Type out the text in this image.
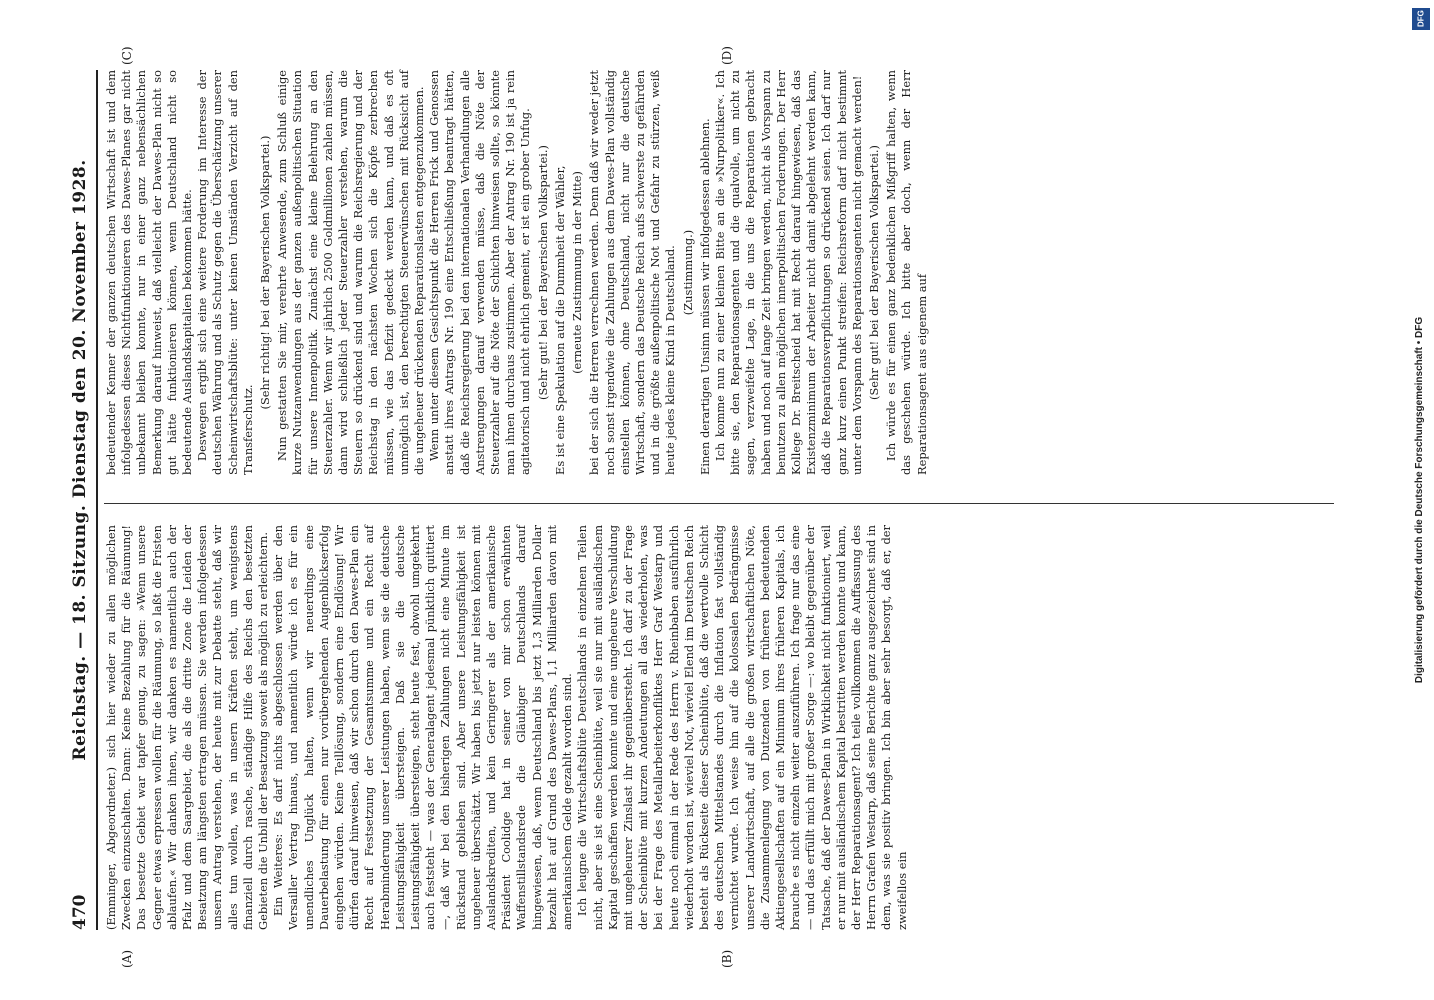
470
Reichstag. — 18. Sitzung. Dienstag den 20. November 1928.
(A)	(B)
(C)	(D)

(Emminger, Abgeordneter.) sich hier wieder zu allen möglichen Zwecken einzuschalten. Dann: Keine Bezahlung für die Räumung! Das besetzte Gebiet war tapfer genug, zu sagen: »Wenn unsere Gegner etwas erpressen wollen für die Räumung, so laßt die Fristen ablaufen.« Wir danken ihnen, wir danken es namentlich auch der Pfalz und dem Saargebiet, die als die dritte Zone die Leiden der Besatzung am längsten ertragen müssen. Sie werden infolgedessen unsern Antrag verstehen, der heute mit zur Debatte steht, daß wir alles tun wollen, was in unsern Kräften steht, um wenigstens finanziell durch rasche, ständige Hilfe des Reichs den besetzten Gebieten die Unbill der Besatzung soweit als möglich zu erleichtern. Ein Weiteres: Es darf nichts abgeschlossen werden über den Versailler Vertrag hinaus, und namentlich würde ich es für ein unendliches Unglück halten, wenn wir neuerdings eine Dauerbelastung für einen nur vorübergehenden Augenblickserfolg eingehen würden. Keine Teillösung, sondern eine Endlösung! Wir dürfen darauf hinweisen, daß wir schon durch den Dawes-Plan ein Recht auf Festsetzung der Gesamtsumme und ein Recht auf Herabminderung unserer Leistungen haben, wenn sie die deutsche Leistungsfähigkeit übersteigen. Daß sie die deutsche Leistungsfähigkeit übersteigen, steht heute fest, obwohl umgekehrt auch feststeht — was der Generalagent jedesmal pünktlich quittiert —, daß wir bei den bisherigen Zahlungen nicht eine Minute im Rückstand geblieben sind. Aber unsere Leistungsfähigkeit ist ungeheuer überschätzt. Wir haben bis jetzt nur leisten können mit Auslandskrediten, und kein Geringerer als der amerikanische Präsident Coolidge hat in seiner von mir schon erwähnten Waffenstillstandsrede die Gläubiger Deutschlands darauf hingewiesen, daß, wenn Deutschland bis jetzt 1,3 Milliarden Dollar bezahlt hat auf Grund des Dawes-Plans, 1,1 Milliarden davon mit amerikanischem Gelde gezahlt worden sind. Ich leugne die Wirtschaftsblüte Deutschlands in einzelnen Teilen nicht, aber sie ist eine Scheinblüte, weil sie nur mit ausländischem Kapital geschaffen werden konnte und eine ungeheure Verschuldung mit ungeheurer Zinslast ihr gegenübersteht. Ich darf zu der Frage der Scheinblüte mit kurzen Andeutungen all das wiederholen, was bei der Frage des Metallarbeiterkonfliktes Herr Graf Westarp und heute noch einmal in der Rede des Herrn v. Rheinbaben ausführlich wiederholt worden ist, wieviel Not, wieviel Elend im Deutschen Reich besteht als Rückseite dieser Scheinblüte, daß die wertvolle Schicht des deutschen Mittelstandes durch die Inflation fast vollständig vernichtet wurde. Ich weise hin auf die kolossalen Bedrängnisse unserer Landwirtschaft, auf alle die großen wirtschaftlichen Nöte, die Zusammenlegung von Dutzenden von früheren bedeutenden Aktiengesellschaften auf ein Minimum ihres früheren Kapitals, ich brauche es nicht einzeln weiter auszuführen. Ich frage nur das eine — und das erfüllt mich mit großer Sorge —: wo bleibt gegenüber der Tatsache, daß der Dawes-Plan in Wirklichkeit nicht funktioniert, weil er nur mit ausländischem Kapital bestritten werden konnte und kann, der Herr Reparationsagent? Ich teile vollkommen die Auffassung des Herrn Grafen Westarp, daß seine Berichte ganz ausgezeichnet sind in dem, was sie positiv bringen. Ich bin aber sehr besorgt, daß er, der zweifellos ein

bedeutender Kenner der ganzen deutschen Wirtschaft ist und dem infolgedessen dieses Nichtfunktionieren des Dawes-Planes gar nicht unbekannt bleiben konnte, nur in einer ganz nebensächlichen Bemerkung darauf hinweist, daß vielleicht der Dawes-Plan nicht so gut hätte funktionieren können, wenn Deutschland nicht so bedeutende Auslandskapitalien bekommen hätte. Deswegen ergibt sich eine weitere Forderung im Interesse der deutschen Währung und als Schutz gegen die Überschätzung unserer Scheinwirtschaftsblüte: unter keinen Umständen Verzicht auf den Transferschutz.

(Sehr richtig! bei der Bayerischen Volkspartei.) Nun gestatten Sie mir, verehrte Anwesende, zum Schluß einige kurze Nutzanwendungen aus der ganzen außenpolitischen Situation für unsere Innenpolitik. Zunächst eine kleine Belehrung an den Steuerzahler. Wenn wir jährlich 2500 Goldmillionen zahlen müssen, dann wird schließlich jeder Steuerzahler verstehen, warum die Steuern so drückend sind und warum die Reichsregierung und der Reichstag in den nächsten Wochen sich die Köpfe zerbrechen müssen, wie das Defizit gedeckt werden kann, und daß es oft unmöglich ist, den berechtigten Steuerwünschen mit Rücksicht auf die ungeheuer drückenden Reparationslasten entgegenzukommen. Wenn unter diesem Gesichtspunkt die Herren Frick und Genossen anstatt ihres Antrags Nr. 190 eine Entschließung beantragt hätten, daß die Reichsregierung bei den internationalen Verhandlungen alle Anstrengungen darauf verwenden müsse, daß die Nöte der Steuerzahler auf die Nöte der Schichten hinweisen sollte, so könnte man ihnen durchaus zustimmen. Aber der Antrag Nr. 190 ist ja rein agitatorisch und nicht ehrlich gemeint, er ist ein grober Unfug. (Sehr gut! bei der Bayerischen Volkspartei.) Es ist eine Spekulation auf die Dummheit der Wähler, (erneute Zustimmung in der Mitte) bei der sich die Herren verrechnen werden. Denn daß wir weder jetzt noch sonst irgendwie die Zahlungen aus dem Dawes-Plan vollständig einstellen können, ohne Deutschland, nicht nur die deutsche Wirtschaft, sondern das Deutsche Reich aufs schwerste zu gefährden und in die größte außenpolitische Not und Gefahr zu stürzen, weiß heute jedes kleine Kind in Deutschland. (Zustimmung.) Einen derartigen Unsinn müssen wir infolgedessen ablehnen. Ich komme nun zu einer kleinen Bitte an die »Nurpolitiker«. Ich bitte sie, den Reparationsagenten und die qualvolle, um nicht zu sagen, verzweifelte Lage, in die uns die Reparationen gebracht haben und noch auf lange Zeit bringen werden, nicht als Vorspann zu benutzen zu allen möglichen innerpolitischen Forderungen. Der Herr Kollege Dr. Breitscheid hat mit Recht darauf hingewiesen, daß das Existenzminimum der Arbeiter nicht damit abgelehnt werden kann, daß die Reparationsverpflichtungen so drückend seien. Ich darf nur ganz kurz einen Punkt streifen: Reichsreform darf nicht bestimmt unter dem Vorspann des Reparationsagenten nicht gemacht werden! (Sehr gut! bei der Bayerischen Volkspartei.) Ich würde es für einen ganz bedenklichen Mißgriff halten, wenn das geschehen würde. Ich bitte aber doch, wenn der Herr Reparationsagent aus eigenem auf	Digitalisierung gefördert durch die Deutsche Forschungsgemeinschaft • DFG
DFG
